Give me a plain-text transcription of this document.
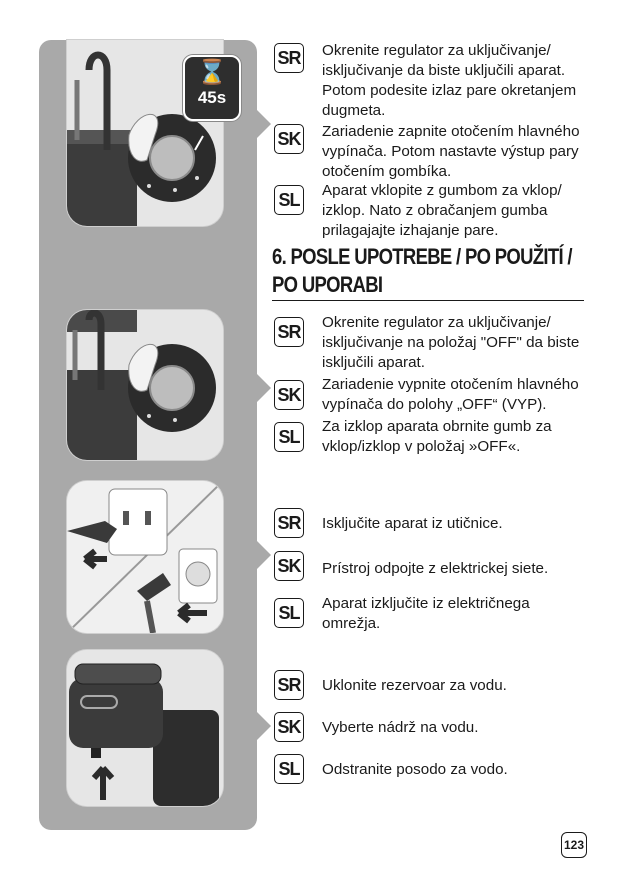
⌛
45s
SR Okrenite regulator za uključivanje/ isključivanje da biste uključili aparat. Potom podesite izlaz pare okretanjem dugmeta.
SK Zariadenie zapnite otočením hlavného vypínača. Potom nastavte výstup pary otočením gombíka.
SL Aparat vklopite z gumbom za vklop/ izklop. Nato z obračanjem gumba prilagajajte izhajanje pare.
6. POSLE UPOTREBE / PO POUŽITÍ / PO UPORABI
SR Okrenite regulator za uključivanje/ isključivanje na položaj "OFF" da biste isključili aparat.
SK Zariadenie vypnite otočením hlavného vypínača do polohy „OFF“ (VYP).
SL Za izklop aparata obrnite gumb za vklop/izklop v položaj »OFF«.
SR Isključite aparat iz utičnice.
SK Prístroj odpojte z elektrickej siete.
SL Aparat izključite iz električnega omrežja.
SR Uklonite rezervoar za vodu.
SK Vyberte nádrž na vodu.
SL Odstranite posodo za vodo.
123
